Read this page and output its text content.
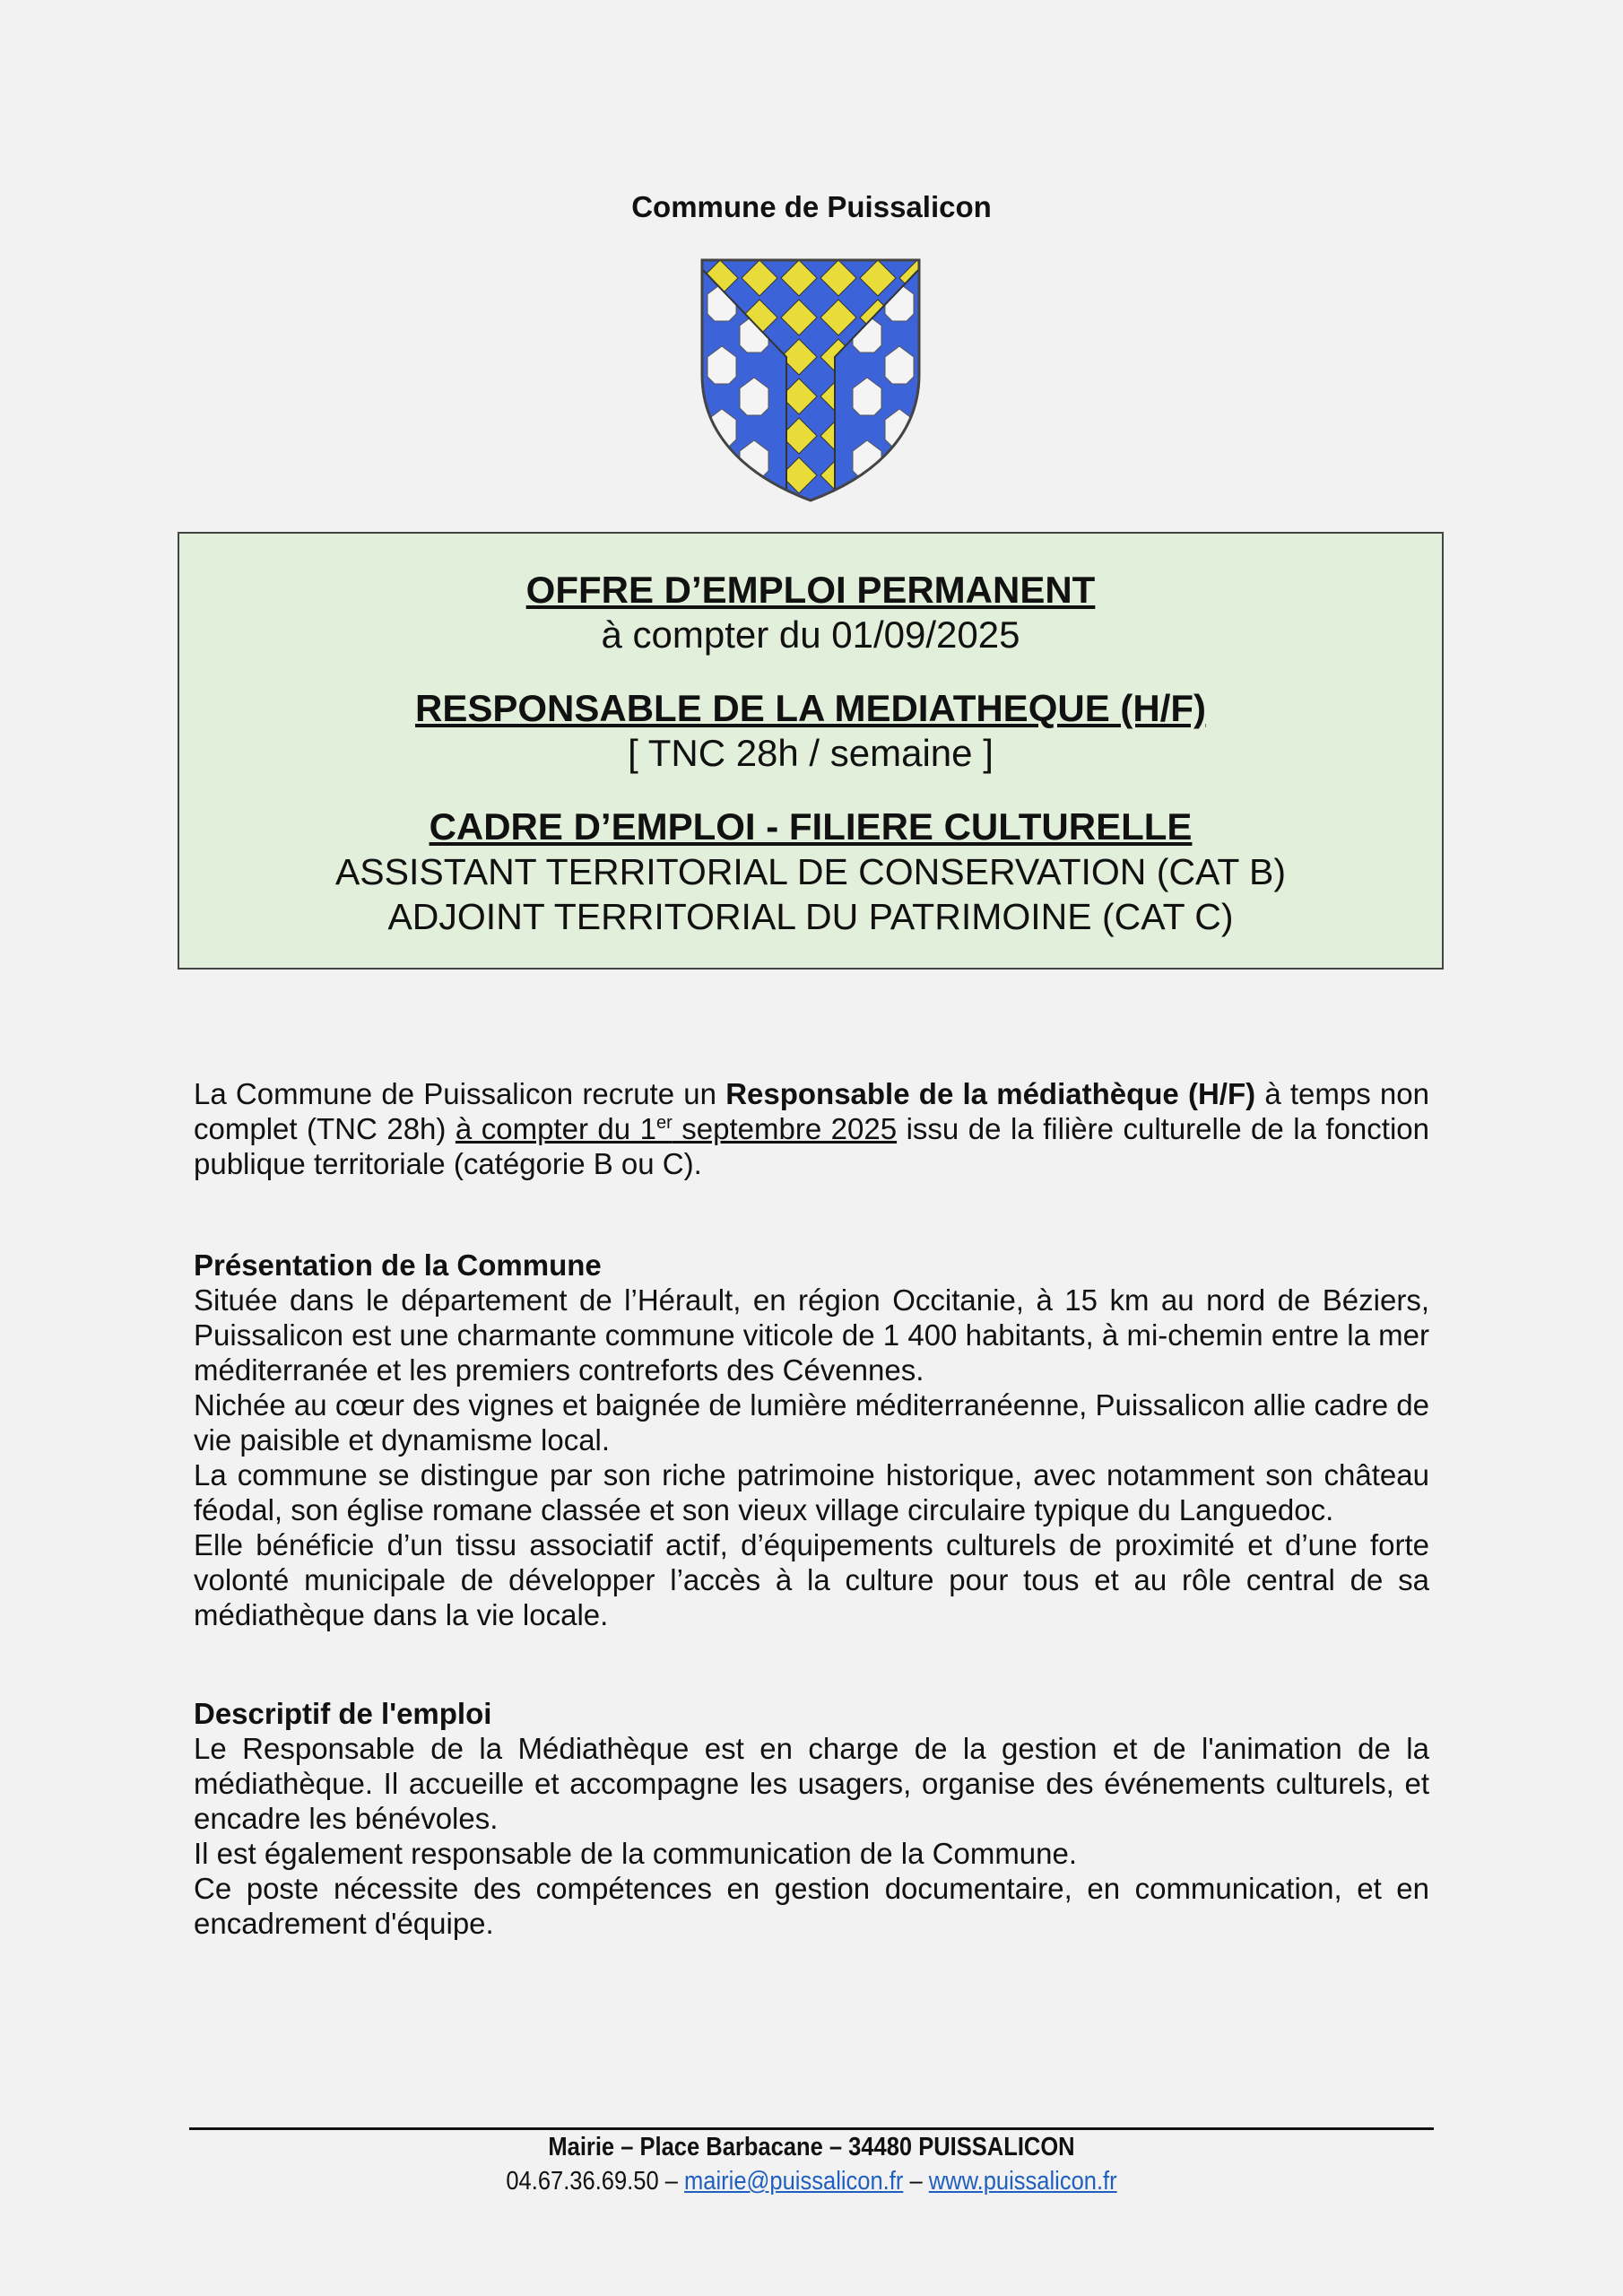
Commune de Puissalicon
OFFRE D’EMPLOI PERMANENT
à compter du 01/09/2025
RESPONSABLE DE LA MEDIATHEQUE (H/F)
[ TNC 28h / semaine ]
CADRE D’EMPLOI - FILIERE CULTURELLE
ASSISTANT TERRITORIAL DE CONSERVATION (CAT B)
ADJOINT TERRITORIAL DU PATRIMOINE (CAT C)

La Commune de Puissalicon recrute un Responsable de la médiathèque (H/F) à temps non complet (TNC 28h) à compter du 1er septembre 2025 issu de la filière culturelle de la fonction publique territoriale (catégorie B ou C).

Présentation de la Commune

Située dans le département de l’Hérault, en région Occitanie, à 15 km au nord de Béziers, Puissalicon est une charmante commune viticole de 1 400 habitants, à mi-chemin entre la mer méditerranée et les premiers contreforts des Cévennes.

Nichée au cœur des vignes et baignée de lumière méditerranéenne, Puissalicon allie cadre de vie paisible et dynamisme local.

La commune se distingue par son riche patrimoine historique, avec notamment son château féodal, son église romane classée et son vieux village circulaire typique du Languedoc.

Elle bénéficie d’un tissu associatif actif, d’équipements culturels de proximité et d’une forte volonté municipale de développer l’accès à la culture pour tous et au rôle central de sa médiathèque dans la vie locale.

Descriptif de l'emploi

Le Responsable de la Médiathèque est en charge de la gestion et de l'animation de la médiathèque. Il accueille et accompagne les usagers, organise des événements culturels, et encadre les bénévoles.

Il est également responsable de la communication de la Commune.

Ce poste nécessite des compétences en gestion documentaire, en communication, et en encadrement d'équipe.

Mairie – Place Barbacane – 34480 PUISSALICON
04.67.36.69.50 – mairie@puissalicon.fr – www.puissalicon.fr
